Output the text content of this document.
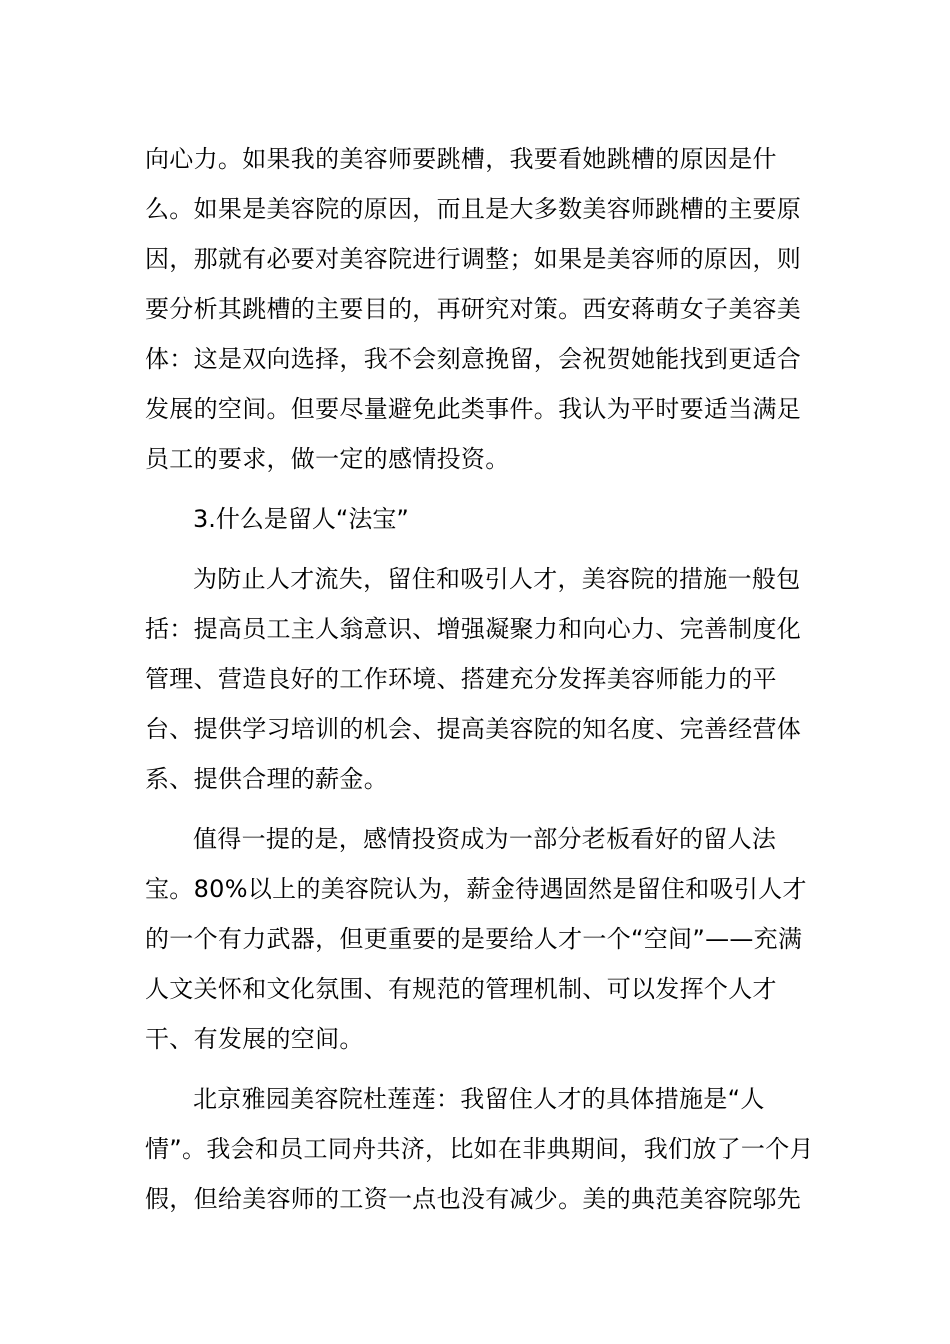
向心力。如果我的美容师要跳槽，我要看她跳槽的原因是什
么。如果是美容院的原因，而且是大多数美容师跳槽的主要原
因，那就有必要对美容院进行调整；如果是美容师的原因，则
要分析其跳槽的主要目的，再研究对策。西安蒋萌女子美容美
体：这是双向选择，我不会刻意挽留，会祝贺她能找到更适合
发展的空间。但要尽量避免此类事件。我认为平时要适当满足
员工的要求，做一定的感情投资。

3.什么是留人“法宝”

为防止人才流失，留住和吸引人才，美容院的措施一般包
括：提高员工主人翁意识、增强凝聚力和向心力、完善制度化
管理、营造良好的工作环境、搭建充分发挥美容师能力的平
台、提供学习培训的机会、提高美容院的知名度、完善经营体
系、提供合理的薪金。

值得一提的是，感情投资成为一部分老板看好的留人法
宝。80%以上的美容院认为，薪金待遇固然是留住和吸引人才
的一个有力武器，但更重要的是要给人才一个“空间”——充满
人文关怀和文化氛围、有规范的管理机制、可以发挥个人才
干、有发展的空间。

北京雅园美容院杜莲莲：我留住人才的具体措施是“人
情”。我会和员工同舟共济，比如在非典期间，我们放了一个月
假，但给美容师的工资一点也没有减少。美的典范美容院邬先
